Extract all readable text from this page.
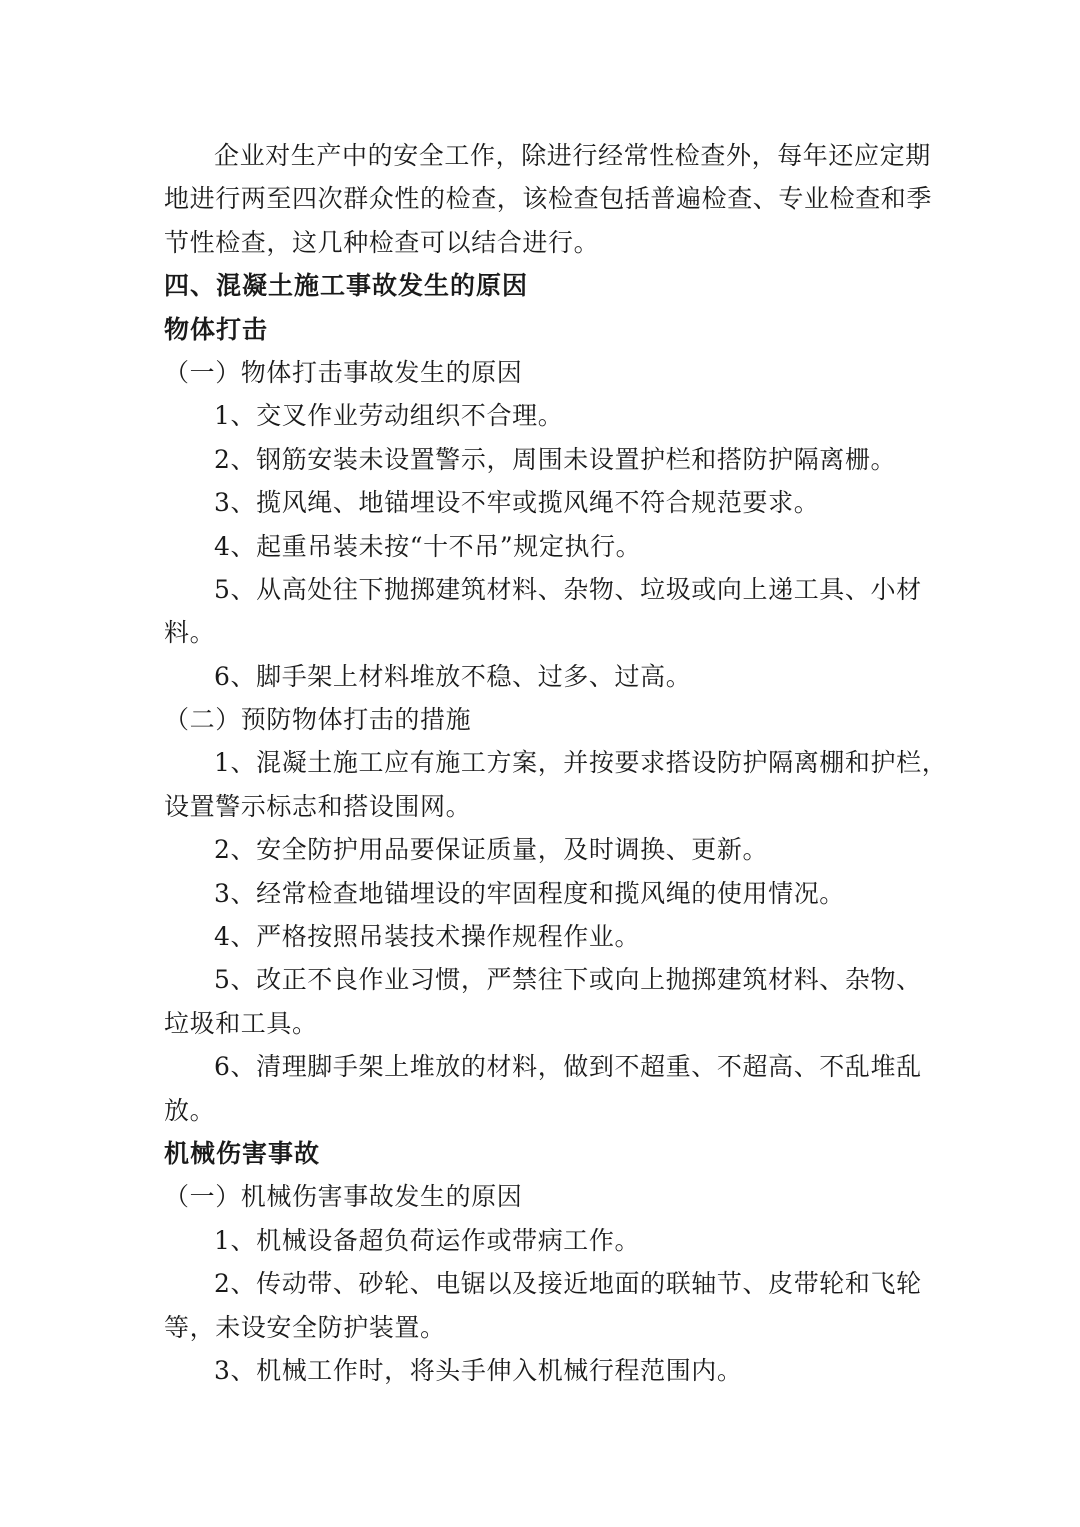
企业对生产中的安全工作，除进行经常性检查外，每年还应定期
地进行两至四次群众性的检查，该检查包括普遍检查、专业检查和季
节性检查，这几种检查可以结合进行。
四、混凝土施工事故发生的原因
物体打击
（一）物体打击事故发生的原因
1、交叉作业劳动组织不合理。
2、钢筋安装未设置警示，周围未设置护栏和搭防护隔离栅。
3、揽风绳、地锚埋设不牢或揽风绳不符合规范要求。
4、起重吊装未按“十不吊”规定执行。
5、从高处往下抛掷建筑材料、杂物、垃圾或向上递工具、小材
料。
6、脚手架上材料堆放不稳、过多、过高。
（二）预防物体打击的措施
1、混凝土施工应有施工方案，并按要求搭设防护隔离棚和护栏，
设置警示标志和搭设围网。
2、安全防护用品要保证质量，及时调换、更新。
3、经常检查地锚埋设的牢固程度和揽风绳的使用情况。
4、严格按照吊装技术操作规程作业。
5、改正不良作业习惯，严禁往下或向上抛掷建筑材料、杂物、
垃圾和工具。
6、清理脚手架上堆放的材料，做到不超重、不超高、不乱堆乱
放。
机械伤害事故
（一）机械伤害事故发生的原因
1、机械设备超负荷运作或带病工作。
2、传动带、砂轮、电锯以及接近地面的联轴节、皮带轮和飞轮
等，未设安全防护装置。
3、机械工作时，将头手伸入机械行程范围内。
